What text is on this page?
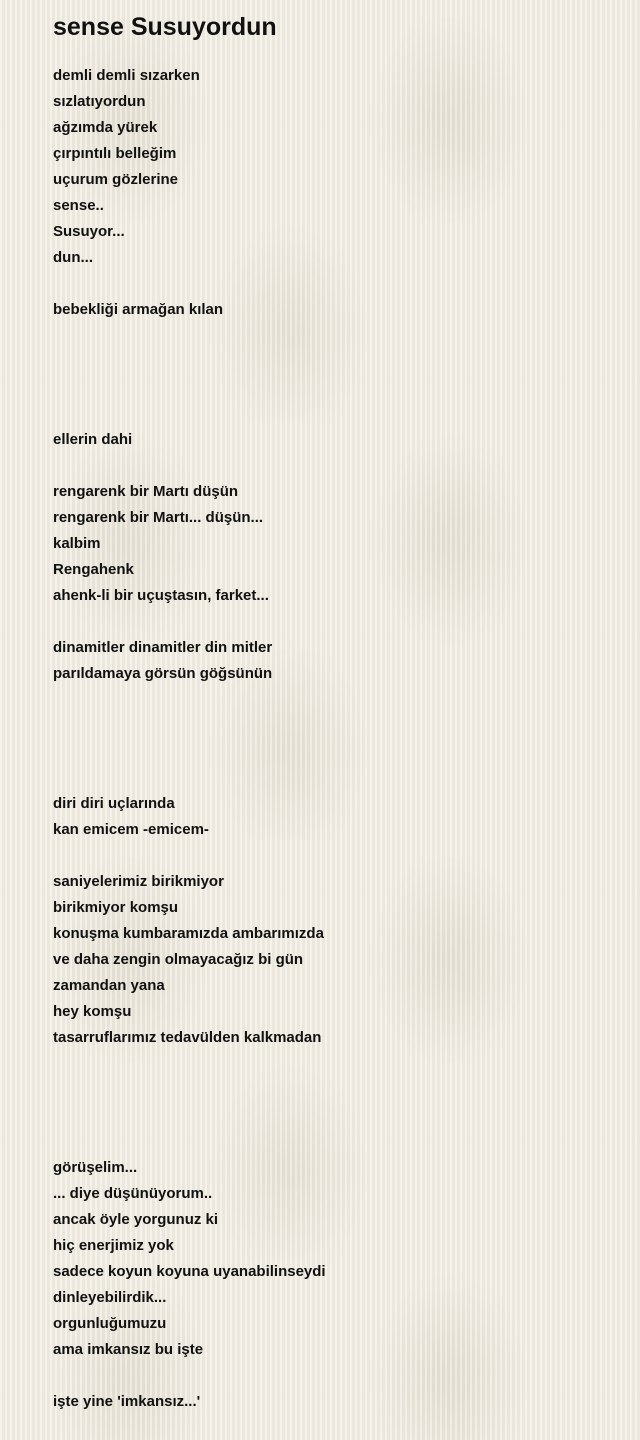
sense Susuyordun
demli demli sızarken
sızlatıyordun
ağzımda yürek
çırpıntılı belleğim
uçurum gözlerine
sense..
Susuyor...
dun...
bebekliği armağan kılan
ellerin dahi
rengarenk bir Martı düşün
rengarenk bir Martı... düşün...
kalbim
Rengahenk
ahenk-li bir uçuştasın, farket...
dinamitler dinamitler din mitler
parıldamaya görsün göğsünün
diri diri uçlarında
kan emicem -emicem-
saniyelerimiz birikmiyor
birikmiyor komşu
konuşma kumbaramızda ambarımızda
ve daha zengin olmayacağız bi gün
zamandan yana
hey komşu
tasarruflarımız tedavülden kalkmadan
görüşelim...
... diye düşünüyorum..
ancak öyle yorgunuz ki
hiç enerjimiz yok
sadece koyun koyuna uyanabilinseydi
dinleyebilirdik...
orgunluğumuzu
ama imkansız bu işte
işte yine 'imkansız...'
